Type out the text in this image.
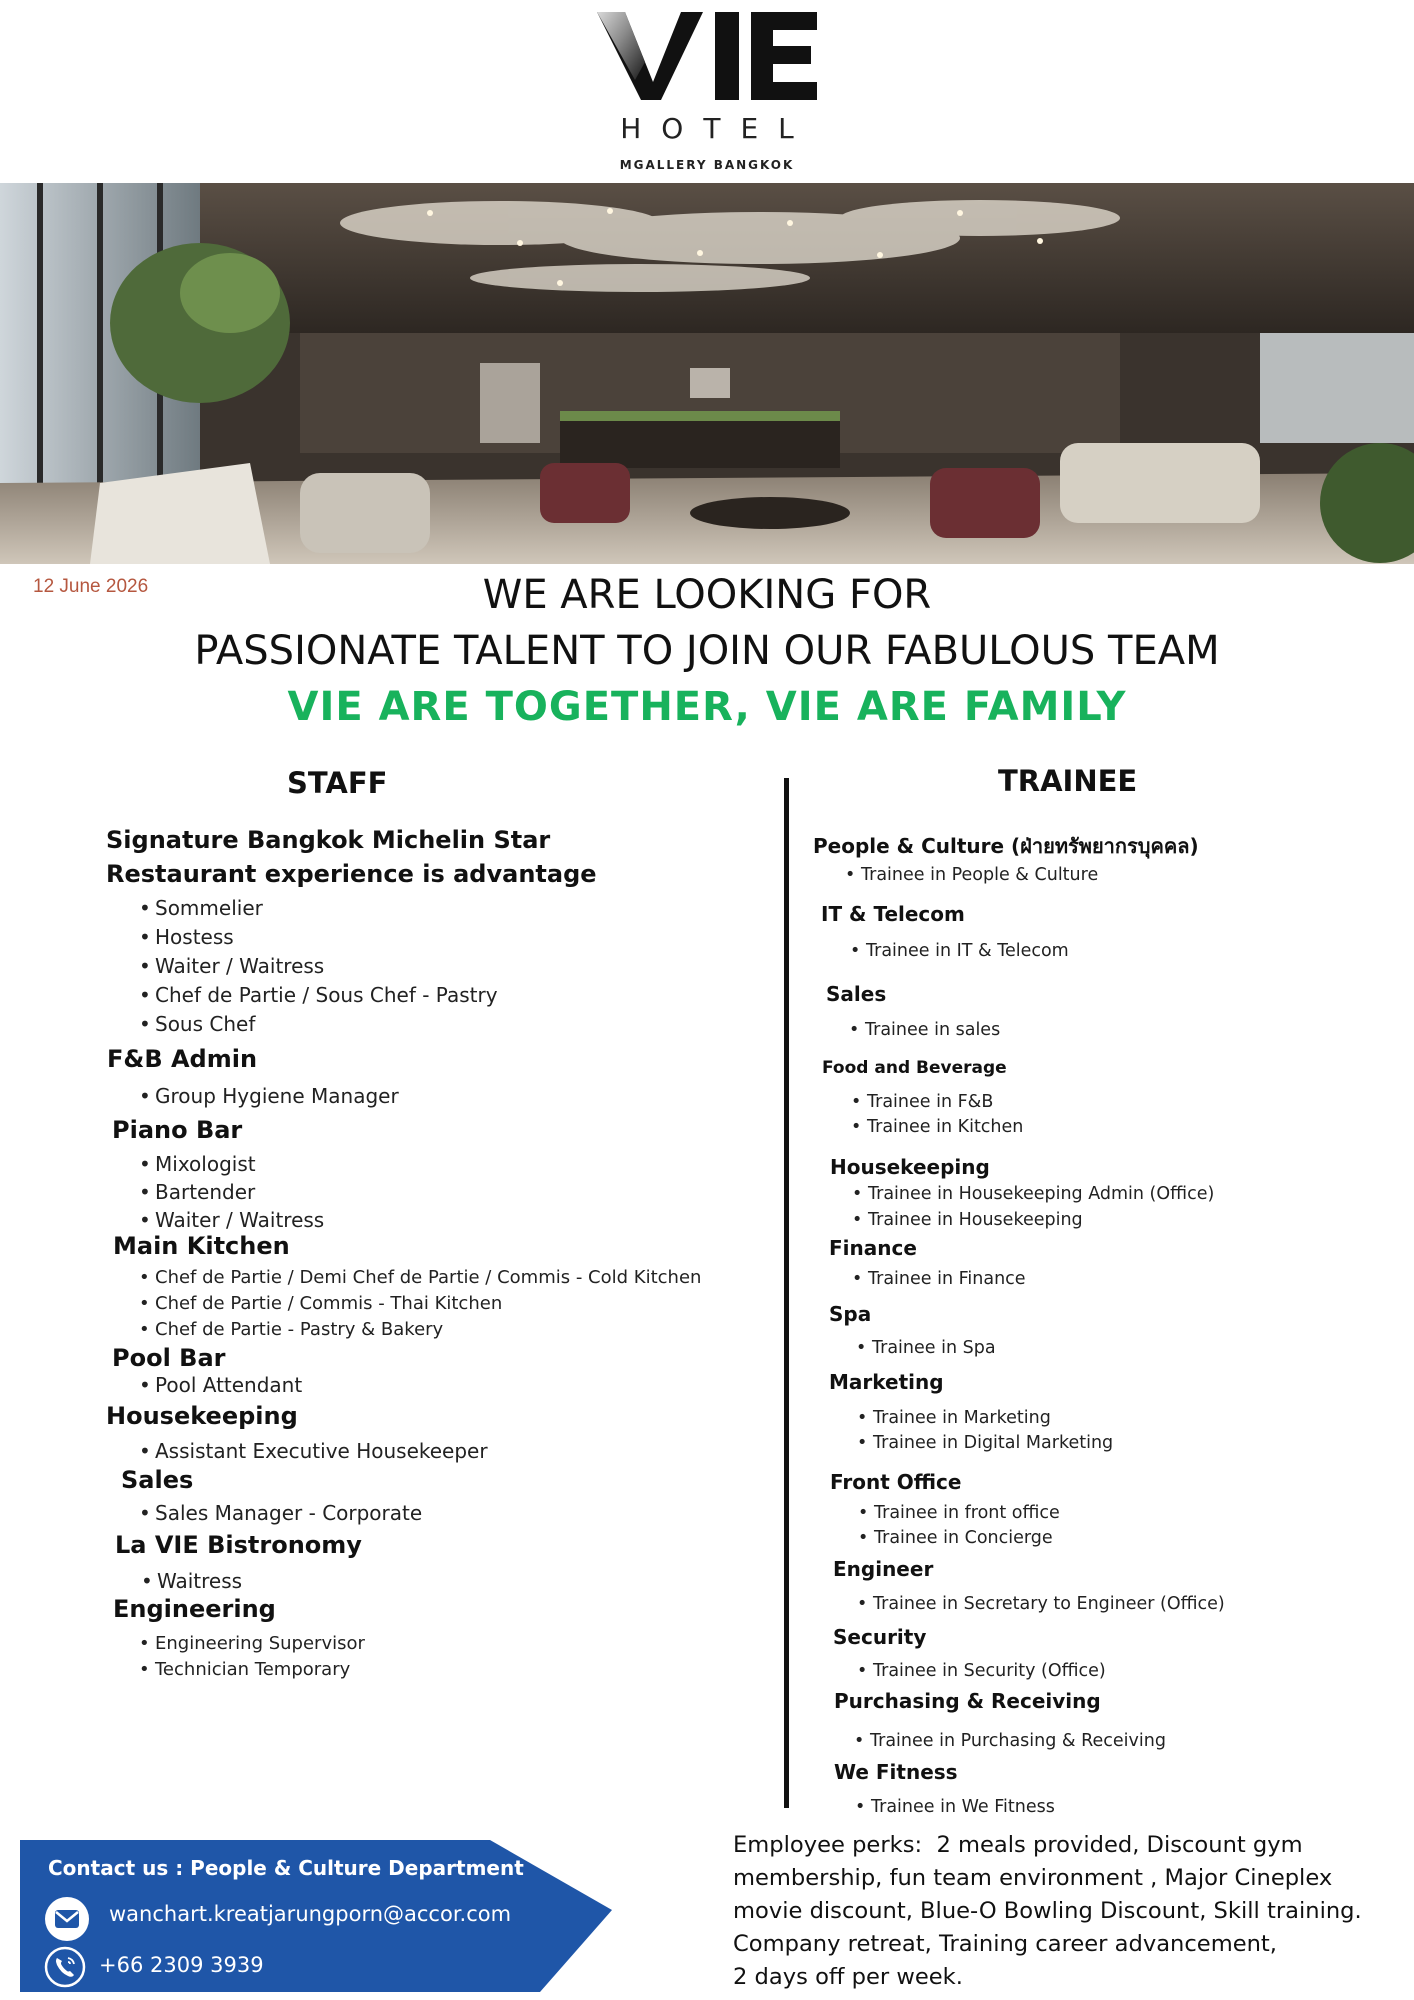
HOTEL
MGALLERY BANGKOK
12 June 2026	WE ARE LOOKING FOR
PASSIONATE TALENT TO JOIN OUR FABULOUS TEAM
VIE ARE TOGETHER, VIE ARE FAMILY
STAFF
Signature Bangkok Michelin Star
Restaurant experience is advantage
• Sommelier
• Hostess
• Waiter / Waitress
• Chef de Partie / Sous Chef - Pastry
• Sous Chef
F&B Admin
• Group Hygiene Manager
Piano Bar
• Mixologist
• Bartender
• Waiter / Waitress
Main Kitchen
• Chef de Partie / Demi Chef de Partie / Commis - Cold Kitchen
• Chef de Partie / Commis - Thai Kitchen
• Chef de Partie - Pastry & Bakery
Pool Bar
• Pool Attendant
Housekeeping
• Assistant Executive Housekeeper
Sales
• Sales Manager - Corporate
La VIE Bistronomy
• Waitress
Engineering
• Engineering Supervisor
• Technician Temporary
TRAINEE
People & Culture (ฝ่ายทรัพยากรบุคคล)
• Trainee in People & Culture
IT & Telecom
• Trainee in IT & Telecom
Sales
• Trainee in sales
Food and Beverage
• Trainee in F&B
• Trainee in Kitchen
Housekeeping
• Trainee in Housekeeping Admin (Office)
• Trainee in Housekeeping
Finance
• Trainee in Finance
Spa
• Trainee in Spa
Marketing
• Trainee in Marketing
• Trainee in Digital Marketing
Front Office
• Trainee in front office
• Trainee in Concierge
Engineer
• Trainee in Secretary to Engineer (Office)
Security
• Trainee in Security (Office)
Purchasing & Receiving
• Trainee in Purchasing & Receiving
We Fitness
• Trainee in We Fitness
Contact us : People & Culture Department
wanchart.kreatjarungporn@accor.com
+66 2309 3939
Employee perks:  2 meals provided, Discount gym
membership, fun team environment , Major Cineplex
movie discount, Blue-O Bowling Discount, Skill training.
Company retreat, Training career advancement,
2 days off per week.
